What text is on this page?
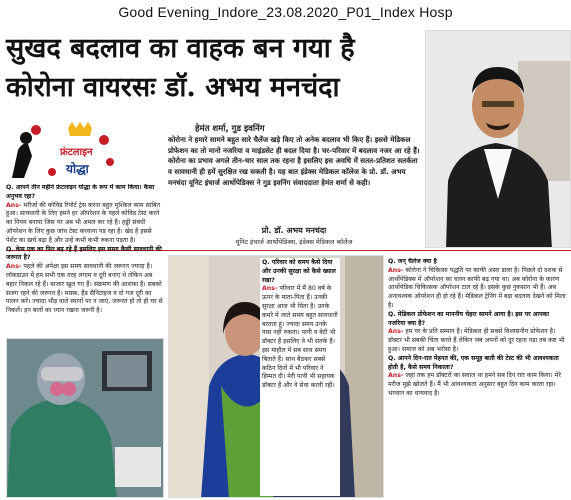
Good Evening_Indore_23.08.2020_P01_Index Hosp
सुखद बदलाव का वाहक बन गया है
कोरोना वायरसः डॉ. अभय मनचंदा
फ्रंटलाइन
योद्धा
हेमंत शर्मा, गुड इवनिंग
कोरोना ने हमारे सामने बहुत सारे चैलेंज खड़े किए तो अनेक बदलाव भी किए हैं। इससे मेडिकल प्रोफेशन का तो मानो नजरिया व माइंडसेट ही बदल दिया है। घर-परिवार में बदलाव नजर आ रहे हैं। कोरोना का प्रभाव अगले तीन-चार साल तक रहना है इसलिए इस अवधि में सतत-प्रतिशत सतर्कता व सावधानी ही हमें सुरक्षित रख सकती है। यह बात इंडेक्स मेडिकल कॉलेज के प्रो. डॉ. अभय मनचंदा यूनिट इंचार्ज आर्थोपेडिक्स ने गुड इवनिंग संवाददाता हेमंत शर्मा से कही।
प्रो. डॉ. अभय मनचंदा
यूनिट इंचार्ज आर्थोपेडिक्स, इंडेक्स मेडिकल कॉलेज
Q. आपने तीन महीने फ्रंटलाइन योद्धा के रूप में काम किया। कैसा अनुभव रहा?
Ans- मरीजों की कोविड रिपोर्ट ट्रेस करना बहुत मुश्किल काम साबित हुआ। सावधानी के लिए हमने हर ऑपरेशन के पहले कोविड टेस्ट करने का नियम बनाया जिस पर अब भी अमल कर रहे हैं। हड्डी संबंधी ऑपरेशन के लिए कुछ जांच टेस्ट करवाना पड़ रहा है। खेद है इससे पेशेंट का खर्च बढ़ा है और उन्हें कभी कभी रुकना पड़ता है।
Q. केस एक का फिर बढ़ रहे हैं इसलिए इस समय कैसी सावधानी की जरूरत है?
Ans- पहले की अपेक्षा इस समय सावधानी की जरूरत ज्यादा है। लॉकडाउन में हम सभी एक तरह लगाम व दूरी बनाए थे लेकिन अब बहार निकल रहे हैं। बाजार खुल गए हैं। संक्रमण की आशंका है। सबको सजग रहने की जरूरत है। मास्क, हैंड सैनिटाइज व दो गज दूरी का पालन करें। ज्यादा भीड़ वाले स्थानों पर न जाएं, जरूरत हो तो ही घर से निकलें। इन बातों का ध्यान रखना जरूरी है।
Q. परिवार को समय कैसे दिया और उनकी सुरक्षा को कैसे ख्याल रखा?
Ans- परिवार में मैं 80 वर्ष के ऊपर के माता-पिता हैं। उनकी सुरक्षा आज भी चिंता है। उनके कमरे में जाते समय बहुत सावधानी बरतता हूं। ज्यादा समय उनके पास नहीं रुकता। पत्नी व बेटी भी डॉक्टर हैं इसलिए वे भी सतर्क हैं। इस माहौल में सब साथ समय बिताते हैं। साथ बैठकर सबसे कठिन दिनों में भी परिवार ने हिम्मत दी। मेरी पत्नी भी सहायक डॉक्टर हैं और वे सेवा करती रहीं।
Q. जन् चैलेंज क्या है
Ans- कोरोना ने चिकित्सा पद्धति पर काफी असर डाला है। पिछले दो दशक से आर्थोपेडिक्स में ऑपरेशन का चलन काफी बढ़ गया था। अब कोरोना के कारण आर्थोपेडिक चिकित्सक ऑपरेशन टाल रहे हैं। इसके कुछ नुकसान भी हैं। अब अनावश्यक ऑपरेशन ही हो रहे हैं। मेडिकल ट्रेनिंग में बड़ा बदलाव देखने को मिला है।
Q. मेडिकल प्रोफेशन का माननीय चेहरा सामने आया है। इस पर आपका नजरिया क्या है?
Ans- हम पर के प्रति सम्मान है। मेडिकल ही सबसे विश्वसनीय प्रोफेशन है। डॉक्टर भी सबकी चिंता करते हैं लेकिन जब अपनों को दूर रहना पड़ा तब कष्ट भी हुआ। समाज को अब भरोसा है।
Q. आपने दिन-रात मेहनत की, एक समूह बाती की टेस्ट की भी आवश्यकता होती है, कैसे समय निकाला?
Ans- जहां तक हम डॉक्टरों का सवाल था हमने सब दिन रात काम किया। मेरे मरीज मुझे खोजते हैं। मैं भी आवश्यकता अनुसार बहुत दिन काम करता रहा। भगवान का धन्यवाद है।
